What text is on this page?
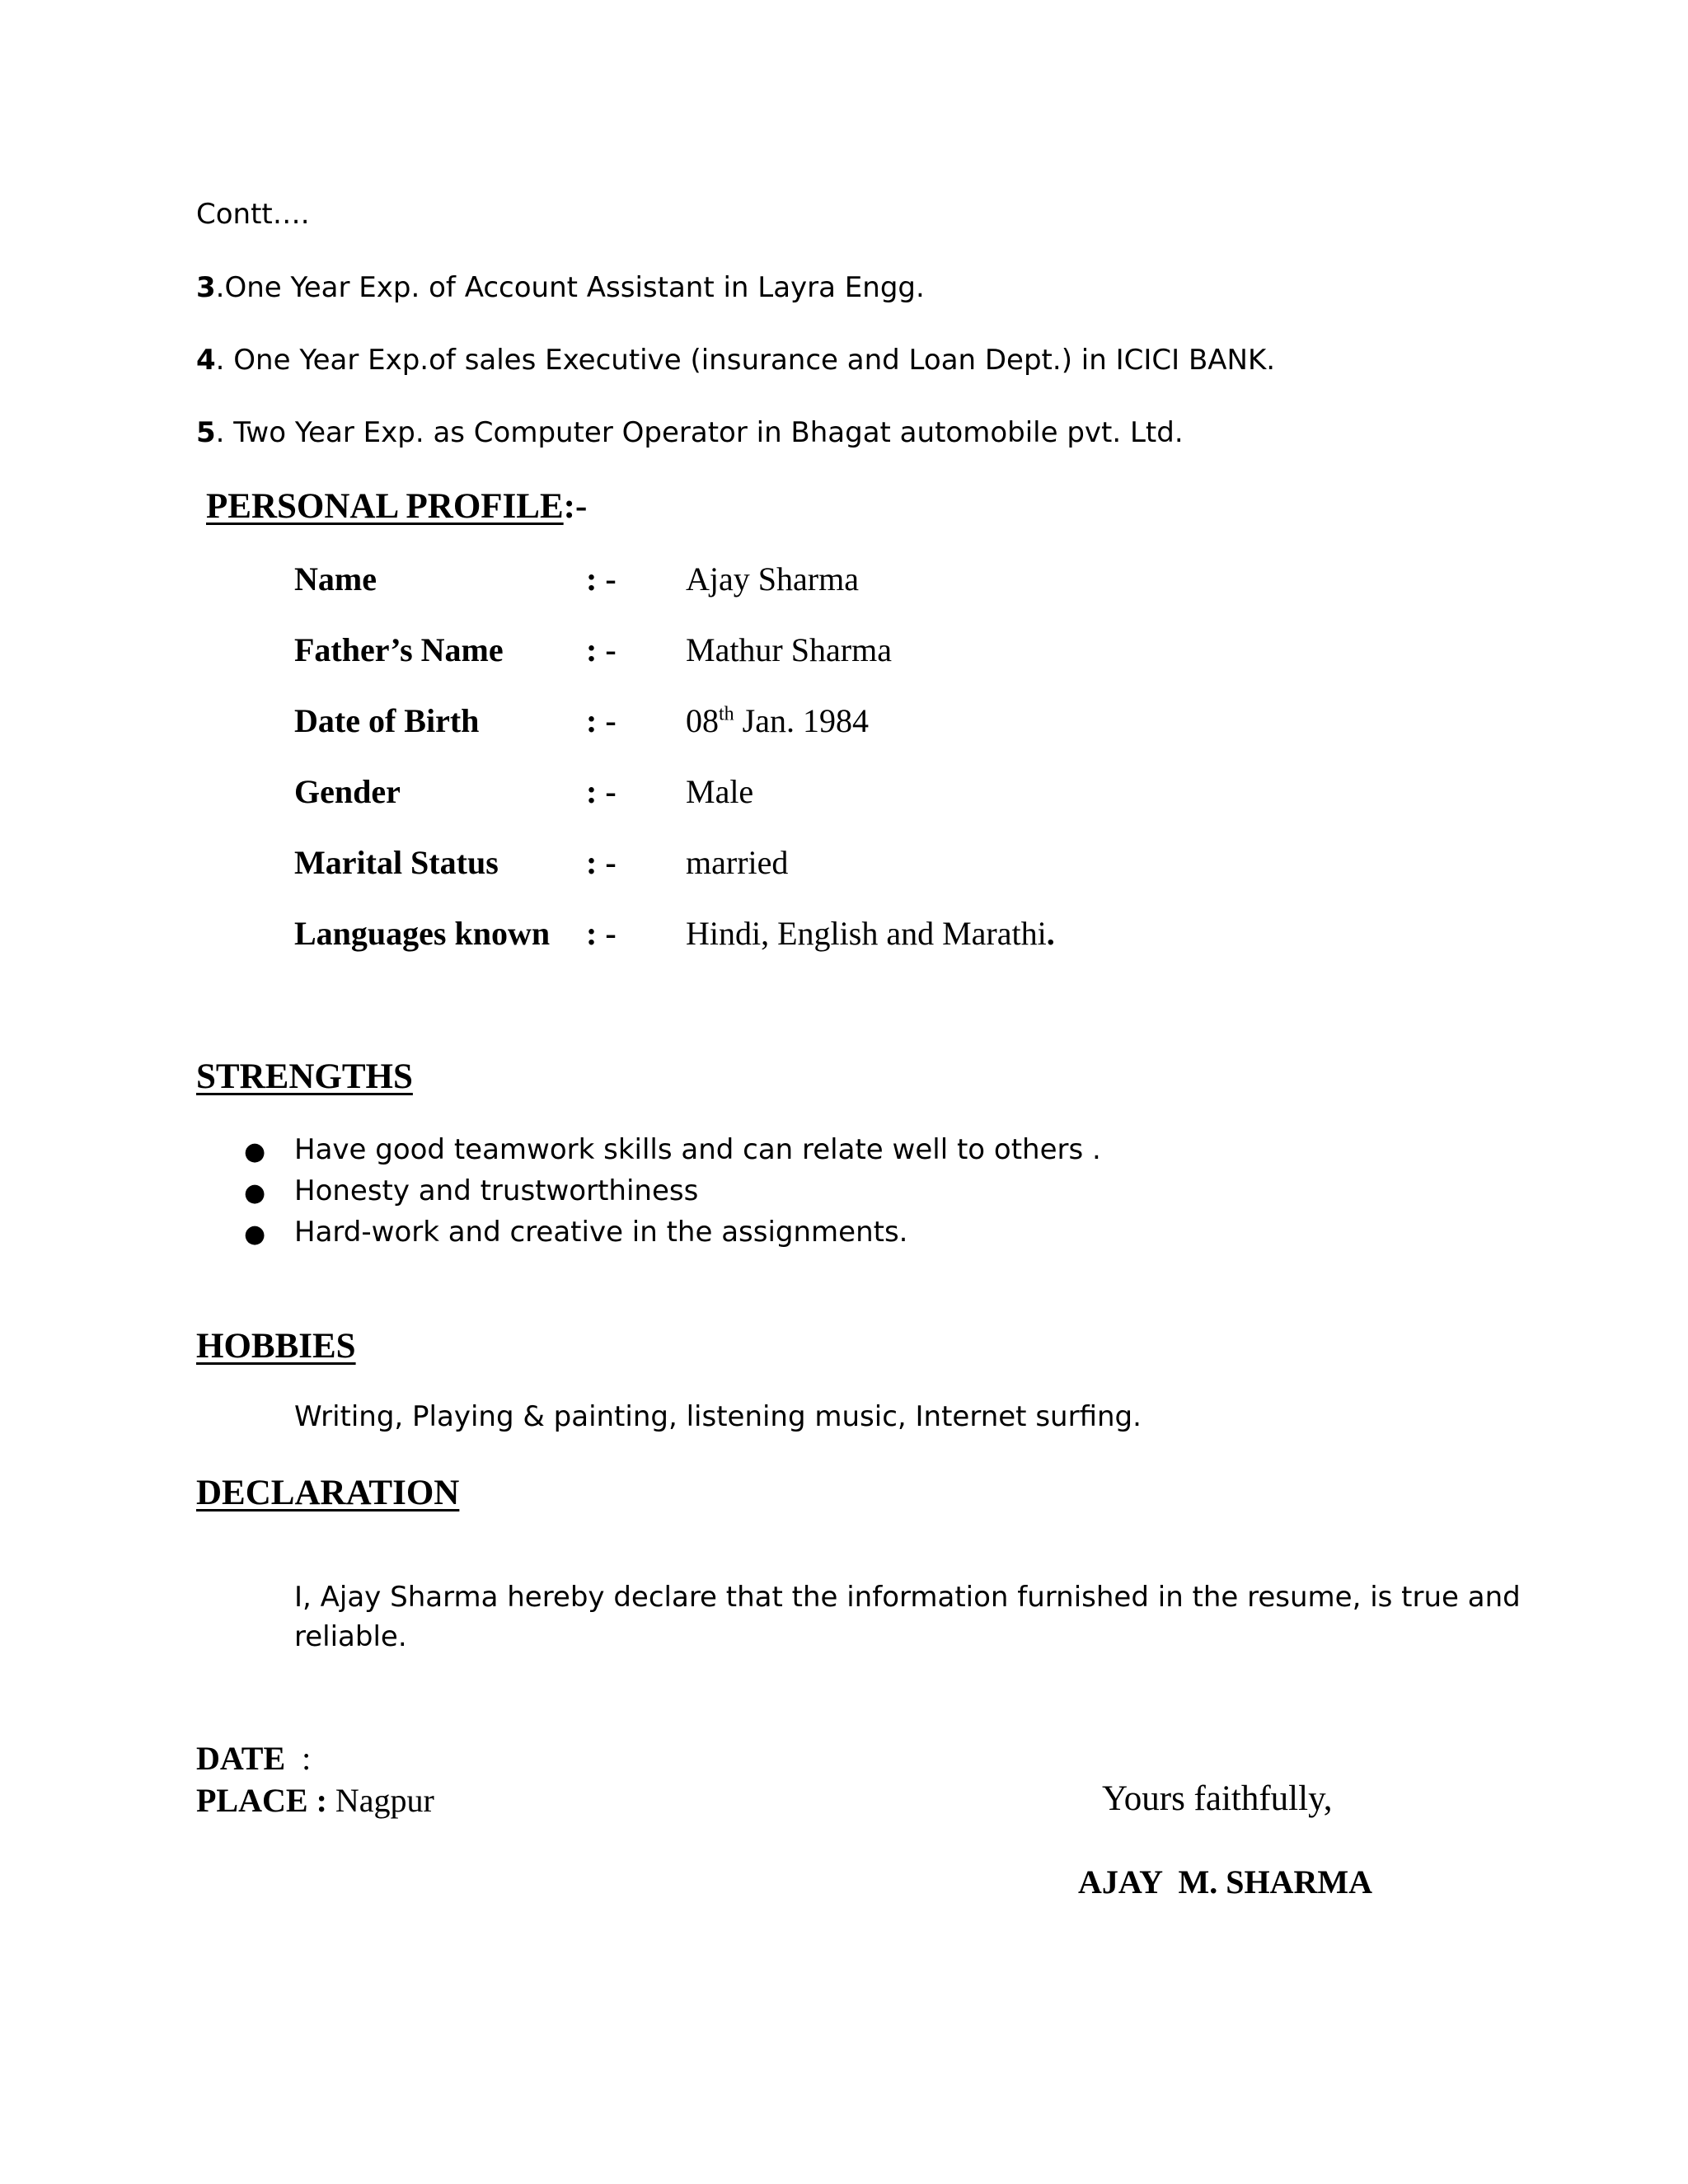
Contt….
3.One Year Exp. of Account Assistant in Layra Engg.
4. One Year Exp.of sales Executive (insurance and Loan Dept.) in ICICI BANK.
5. Two Year Exp. as Computer Operator in Bhagat automobile pvt. Ltd.
PERSONAL PROFILE:-
Name	: - Ajay Sharma
Father’s Name	: - Mathur Sharma
Date of Birth	: - 08th Jan. 1984
Gender	: - Male
Marital Status	: - married
Languages known : - Hindi, English and Marathi.
STRENGTHS
● Have good teamwork skills and can relate well to others .
● Honesty and trustworthiness
● Hard-work and creative in the assignments.
HOBBIES
Writing, Playing & painting, listening music, Internet surfing.
DECLARATION
I, Ajay Sharma hereby declare that the information furnished in the resume, is true and
reliable.
DATE  :
PLACE : Nagpur	Yours faithfully,
AJAY  M. SHARMA
